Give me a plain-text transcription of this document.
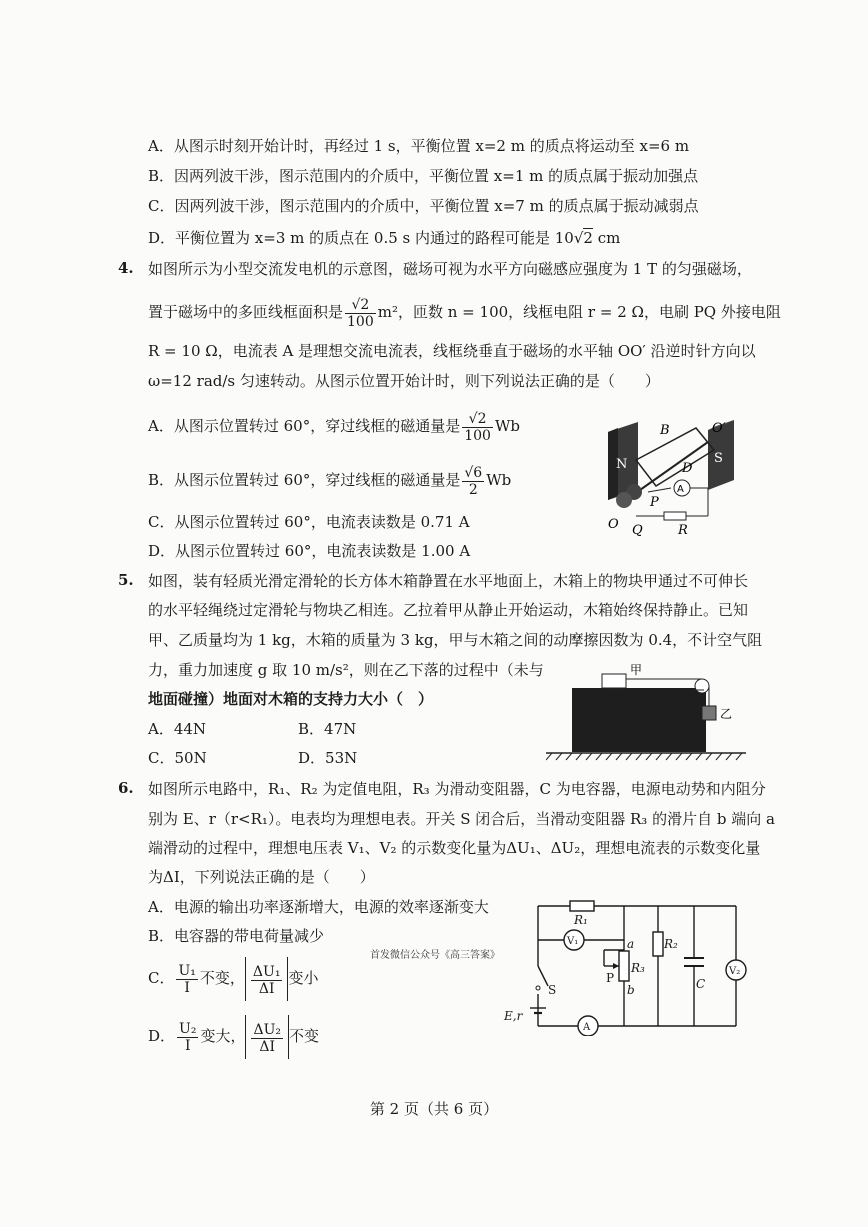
A．从图示时刻开始计时，再经过 1 s，平衡位置 x=2 m 的质点将运动至 x=6 m
B．因两列波干涉，图示范围内的介质中，平衡位置 x=1 m 的质点属于振动加强点
C．因两列波干涉，图示范围内的介质中，平衡位置 x=7 m 的质点属于振动减弱点
D．平衡位置为 x=3 m 的质点在 0.5 s 内通过的路程可能是 10√2 cm
4. 如图所示为小型交流发电机的示意图，磁场可视为水平方向磁感应强度为 1 T 的匀强磁场，
置于磁场中的多匝线框面积是 $\frac{√2}{100} m^2$，匝数 n = 100，线框电阻 r = 2 Ω，电刷 PQ 外接电阻
R = 10 Ω，电流表 A 是理想交流电流表，线框绕垂直于磁场的水平轴 OO′ 沿逆时针方向以
ω=12 rad/s 匀速转动。从图示位置开始计时，则下列说法正确的是（　　）
A．从图示位置转过 60°，穿过线框的磁通量是 $\frac{√2}{100}$ Wb
B．从图示位置转过 60°，穿过线框的磁通量是 $\frac{√6}{2}$ Wb
C．从图示位置转过 60°，电流表读数是 0.71 A
D．从图示位置转过 60°，电流表读数是 1.00 A
N	S
B	O′
D
P
A
O Q	R
5. 如图，装有轻质光滑定滑轮的长方体木箱静置在水平地面上，木箱上的物块甲通过不可伸长
的水平轻绳绕过定滑轮与物块乙相连。乙拉着甲从静止开始运动，木箱始终保持静止。已知
甲、乙质量均为 1 kg，木箱的质量为 3 kg，甲与木箱之间的动摩擦因数为 0.4，不计空气阻
力，重力加速度 g 取 10 m/s²，则在乙下落的过程中（未与
地面碰撞）地面对木箱的支持力大小（　）
A．44N	B．47N
C．50N	D．53N
甲
乙
6. 如图所示电路中，R₁、R₂ 为定值电阻，R₃ 为滑动变阻器，C 为电容器，电源电动势和内阻分
别为 E、r（r<R₁）。电表均为理想电表。开关 S 闭合后，当滑动变阻器 R₃ 的滑片自 b 端向 a
端滑动的过程中，理想电压表 V₁、V₂ 的示数变化量为ΔU₁、ΔU₂，理想电流表的示数变化量
为ΔI，下列说法正确的是（　　）
A．电源的输出功率逐渐增大，电源的效率逐渐变大
B．电容器的带电荷量减少
C． $\frac{\text{U₁}}{I}$ 不变， $\frac{\text{ΔU₁}}{\Delta I}$ 变小
D． $\frac{\text{U₂}}{I}$ 变大， $\frac{\text{ΔU₂}}{\Delta I}$ 不变
首发微信公众号《高三答案》
R₁
V₁	a
R₃
P
b
R₂
C
V₂
S
E,r
A
第 2 页（共 6 页）
